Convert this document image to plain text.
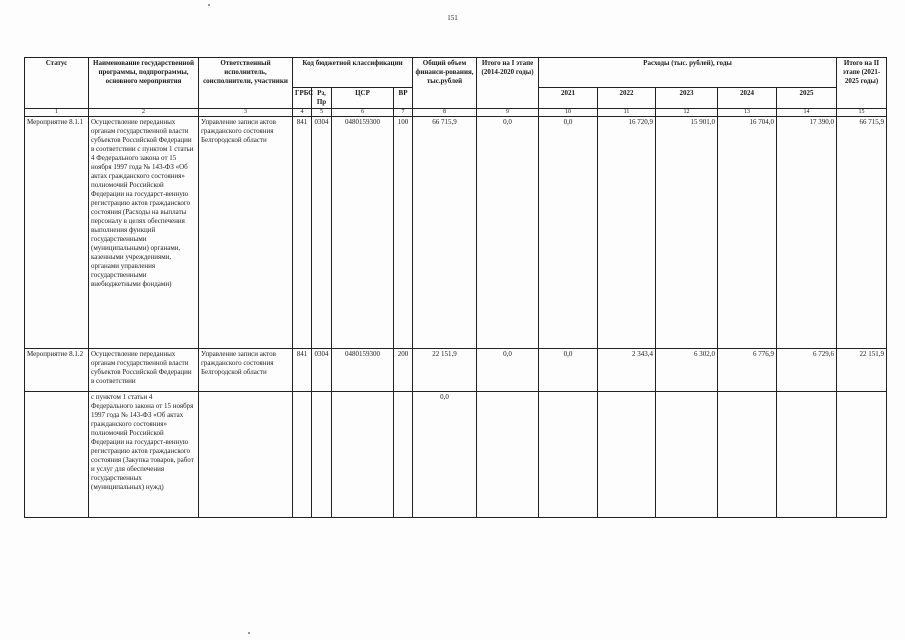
151
Статус	Наименование государственной программы, подпрограммы, основного мероприятия	Ответственный исполнитель, соисполнители, участники	Код бюджетной классификации				Общий объем финанси-рования, тыс.рублей	Итого на I этапе (2014-2020 годы)	Расходы (тыс. рублей), годы					Итого на II этапе (2021-2025 годы)
			ГРБС	Рз, Пр	ЦСР	ВР			2021	2022	2023	2024	2025	
1	2	3	4	5	6	7	8	9	10	11	12	13	14	15
Мероприятие 8.1.1	Осуществление переданных органам государственной власти субъектов Российской Федерации в соответствии с пунктом 1 статьи 4 Федерального закона от 15 ноября 1997 года № 143-ФЗ «Об актах гражданского состояния» полномочий Российской Федерации на государст-венную регистрацию актов гражданского состояния (Расходы на выплаты персоналу в целях обеспечения выполнения функций государственными (муниципальными) органами, казенными учреждениями, органами управления государственными внебюджетными фондами)	Управление записи актов гражданского состояния Белгородской области	841	0304	0480159300	100	66 715,9	0,0	0,0	16 720,9	15 901,0	16 704,0	17 390,0	66 715,9
Мероприятие 8.1.2	Осуществление переданных органам государственной власти субъектов Российской Федерации в соответствии	Управление записи актов гражданского состояния Белгородской области	841	0304	0480159300	200	22 151,9	0,0	0,0	2 343,4	6 302,0	6 776,9	6 729,6	22 151,9
	с пунктом 1 статьи 4 Федерального закона от 15 ноября 1997 года № 143-ФЗ «Об актах гражданского состояния» полномочий Российской Федерации на государст-венную регистрацию актов гражданского состояния (Закупка товаров, работ и услуг для обеспечения государственных (муниципальных) нужд)						0,0							
